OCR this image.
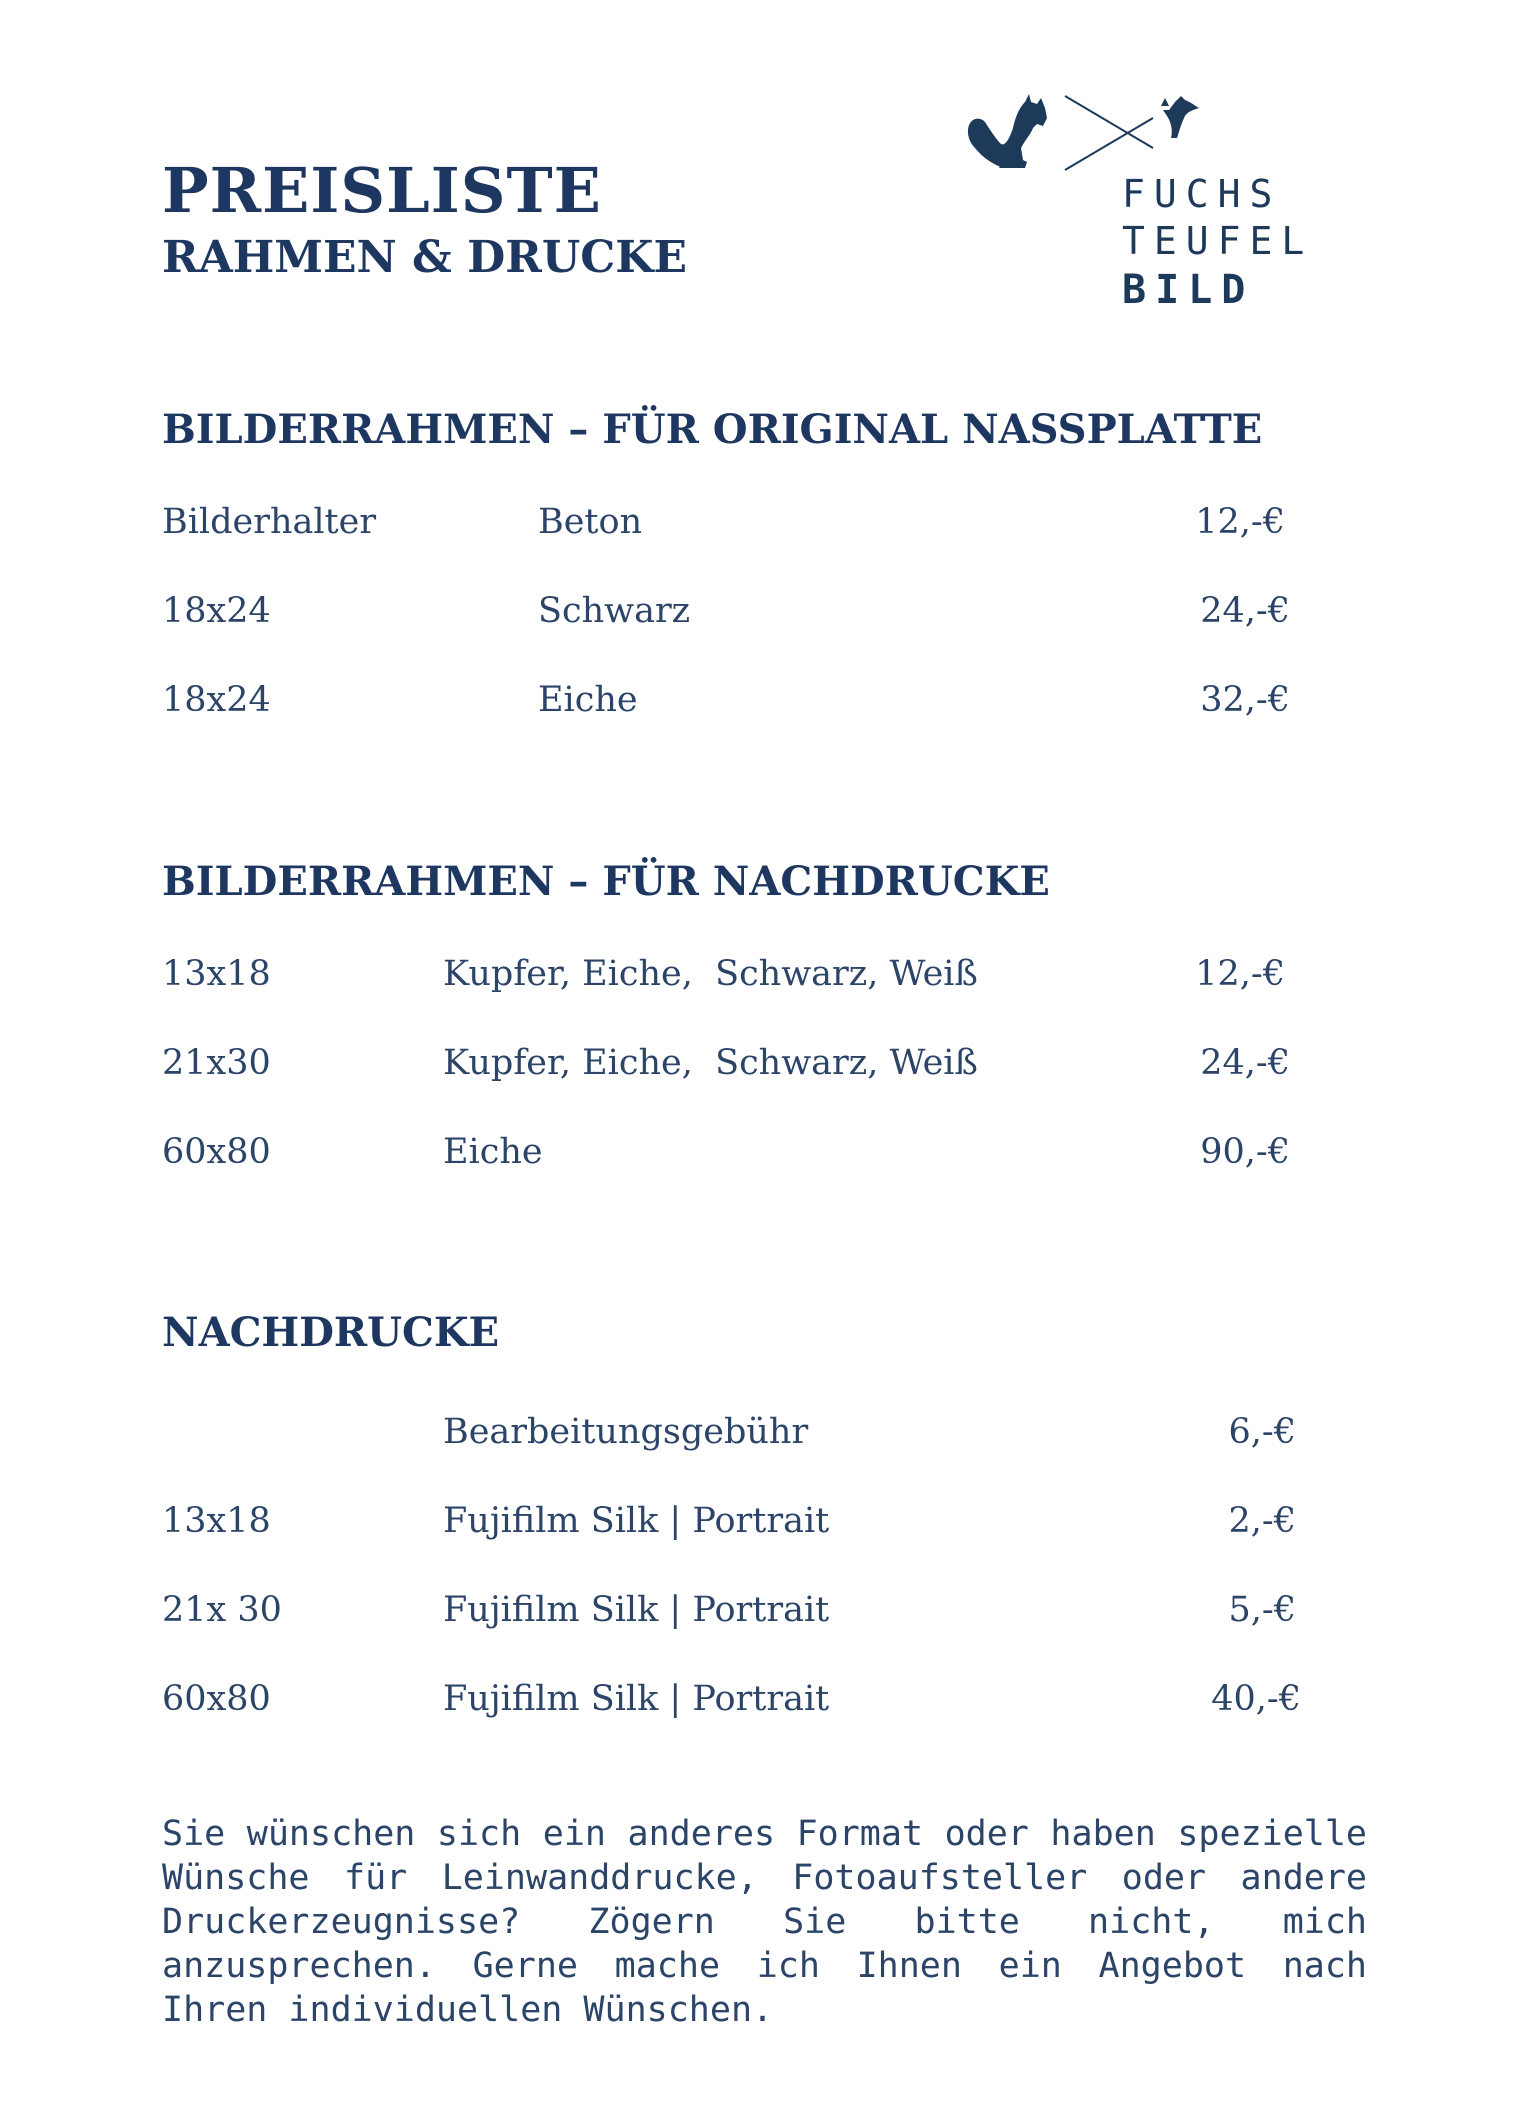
PREISLISTE
RAHMEN & DRUCKE
FUCHS
TEUFEL
BILD
BILDERRAHMEN – FÜR ORIGINAL NASSPLATTE
Bilderhalter	Beton	12,-€
18x24	Schwarz	24,-€
18x24	Eiche	32,-€
BILDERRAHMEN – FÜR NACHDRUCKE
13x18	Kupfer, Eiche,  Schwarz, Weiß	12,-€
21x30	Kupfer, Eiche,  Schwarz, Weiß	24,-€
60x80	Eiche	90,-€
NACHDRUCKE
Bearbeitungsgebühr	6,-€
13x18	Fujifilm Silk | Portrait	2,-€
21x 30	Fujifilm Silk | Portrait	5,-€
60x80	Fujifilm Silk | Portrait	40,-€
Sie wünschen sich ein anderes Format oder haben spezielle Wünsche für Leinwanddrucke, Fotoaufsteller oder andere Druckerzeugnisse? Zögern Sie bitte nicht, mich anzusprechen. Gerne mache ich Ihnen ein Angebot nach Ihren individuellen Wünschen.
